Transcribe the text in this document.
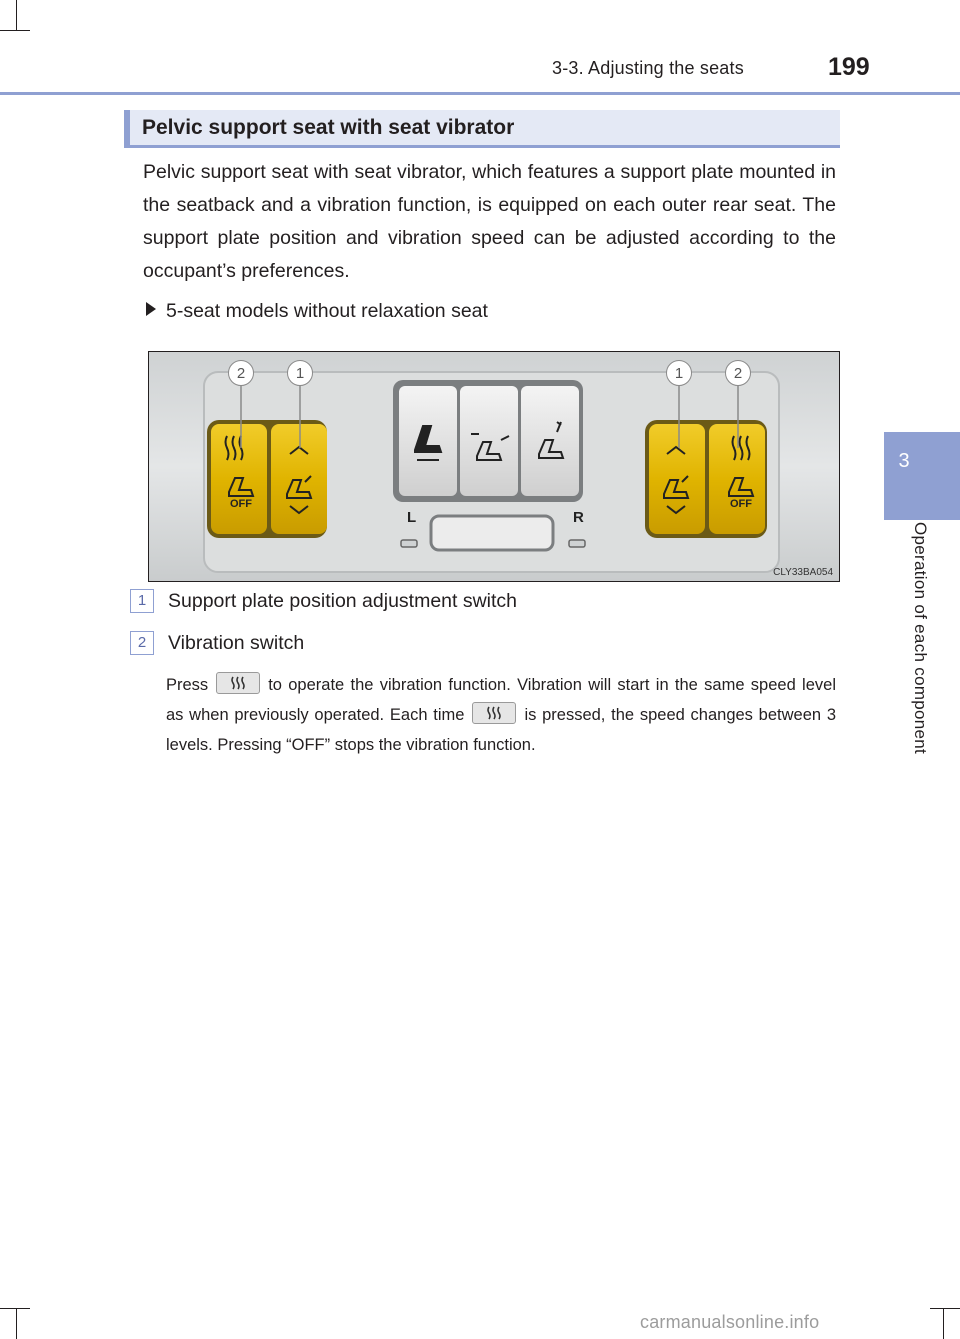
3-3. Adjusting the seats	199
3
Operation of each component
Pelvic support seat with seat vibrator
Pelvic support seat with seat vibrator, which features a support plate mounted in the seatback and a vibration function, is equipped on each outer rear seat. The support plate position and vibration speed can be adjusted according to the occupant’s preferences.
5-seat models without relaxation seat
OFF	OFF
L	R
2	1	1	2
CLY33BA054
1 Support plate position adjustment switch
2 Vibration switch
Press	to operate the vibration function. Vibration will start in the same speed level as when previously operated. Each time	is pressed, the speed changes between 3 levels. Pressing “OFF” stops the vibration function.
carmanualsonline.info
